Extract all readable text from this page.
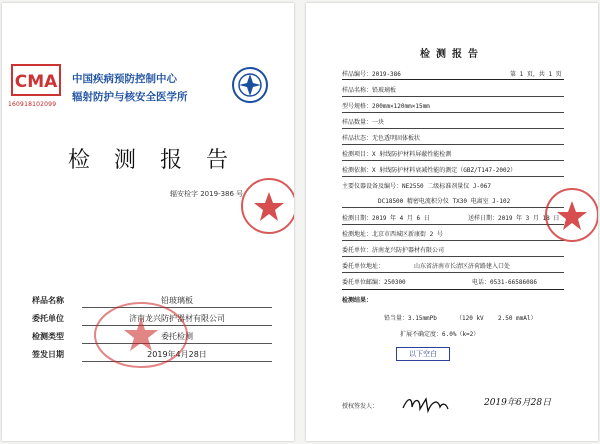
CMA
160918102099
中国疾病预防控制中心
辐射防护与核安全医学所
检测报告
辐安检字 2019-386 号
样品名称	铅玻璃板
委托单位	济南龙兴防护器材有限公司
检测类型	委托检测
签发日期	2019年4月28日
检测报告
样品编号：2019-386	第 1 页，共 1 页
样品名称：铅玻璃板
型号规格：200mm×120mm×15mm
样品数量：一块
样品状态：无色透明固体板状
检测项目：X 射线防护材料屏蔽性能检测
检测依据：X 射线防护材料衰减性能的测定（GBZ/T147-2002）
主要仪器设备及编号：NE2550 二级标准剂量仪 J-067
DC18500 精密电流积分仪 TX30 电离室 J-102
检测日期：2019 年 4 月 6 日	送样日期：2019 年 3 月 18 日
检测地址：北京市西城区新康街 2 号
委托单位：济南龙兴防护器材有限公司
委托单位地址：	山东省济南市长清区济荷路建入口处
委托单位邮编：250300	电话：0531-66586086
检测结果：
铅当量：3.15mmPb	（120 kV 2.50 mmAl）
扩展不确定度：6.0%（k=2）
以下空白
授权签发人：	2019年6月28日
